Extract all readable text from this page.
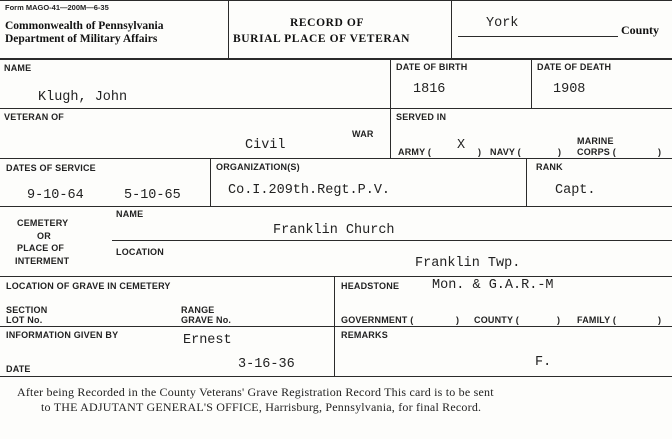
Form MAGO-41—200M—6-35
Commonwealth of Pennsylvania
Department of Military Affairs
RECORD OF
BURIAL PLACE OF VETERAN
York	County
NAME
Klugh, John
DATE OF BIRTH
1816
DATE OF DEATH
1908
VETERAN OF
Civil
WAR
SERVED IN
ARMY ( X ) NAVY (	)
MARINE
CORPS (	)
DATES OF SERVICE
9-10-64	5-10-65
ORGANIZATION(S)
Co.I.209th.Regt.P.V.
RANK
Capt.
CEMETERY
OR
PLACE OF
INTERMENT
NAME
Franklin Church
LOCATION
Franklin Twp.
LOCATION OF GRAVE IN CEMETERY
SECTION
LOT No.
RANGE
GRAVE No.
HEADSTONE Mon. & G.A.R.-M
GOVERNMENT (	) COUNTY (	) FAMILY (	)
INFORMATION GIVEN BY	Ernest
DATE	3-16-36
REMARKS
F.
After being Recorded in the County Veterans' Grave Registration Record This card is to be sent
to THE ADJUTANT GENERAL'S OFFICE, Harrisburg, Pennsylvania, for final Record.
